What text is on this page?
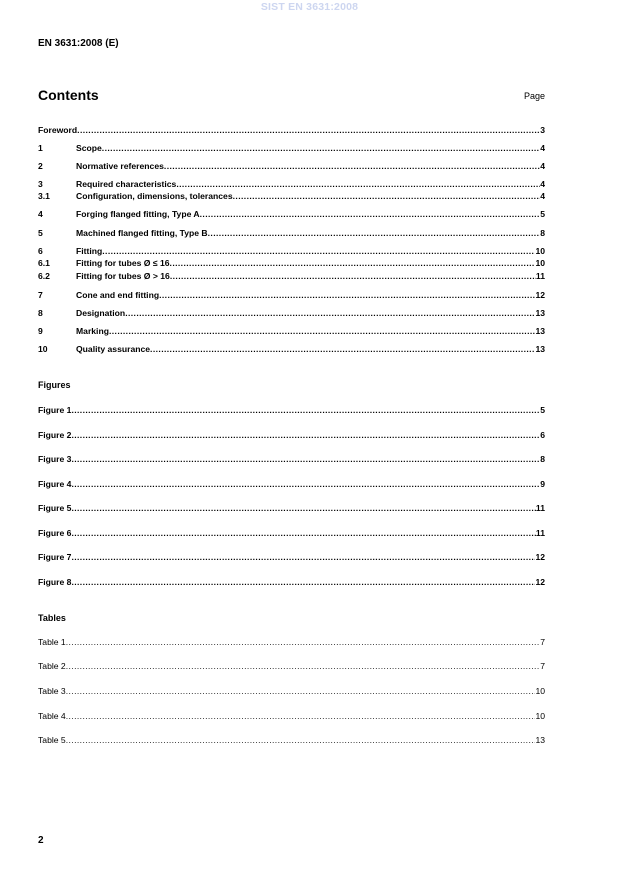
SIST EN 3631:2008
EN 3631:2008 (E)
Contents	Page
Foreword .....	3
1	Scope .....	4
2	Normative references .....	4
3	Required characteristics .....	4
3.1	Configuration, dimensions, tolerances .....	4
4	Forging flanged fitting, Type A .....	5
5	Machined flanged fitting, Type B .....	8
6	Fitting .....	10
6.1	Fitting for tubes Ø ≤ 16 .....	10
6.2	Fitting for tubes Ø > 16 .....	11
7	Cone and end fitting .....	12
8	Designation .....	13
9	Marking .....	13
10	Quality assurance .....	13
Figures
Figure 1 .....	5
Figure 2 .....	6
Figure 3 .....	8
Figure 4 .....	9
Figure 5 .....	11
Figure 6 .....	11
Figure 7 .....	12
Figure 8 .....	12
Tables
Table 1 .....	7
Table 2 .....	7
Table 3 .....	10
Table 4 .....	10
Table 5 .....	13
2
